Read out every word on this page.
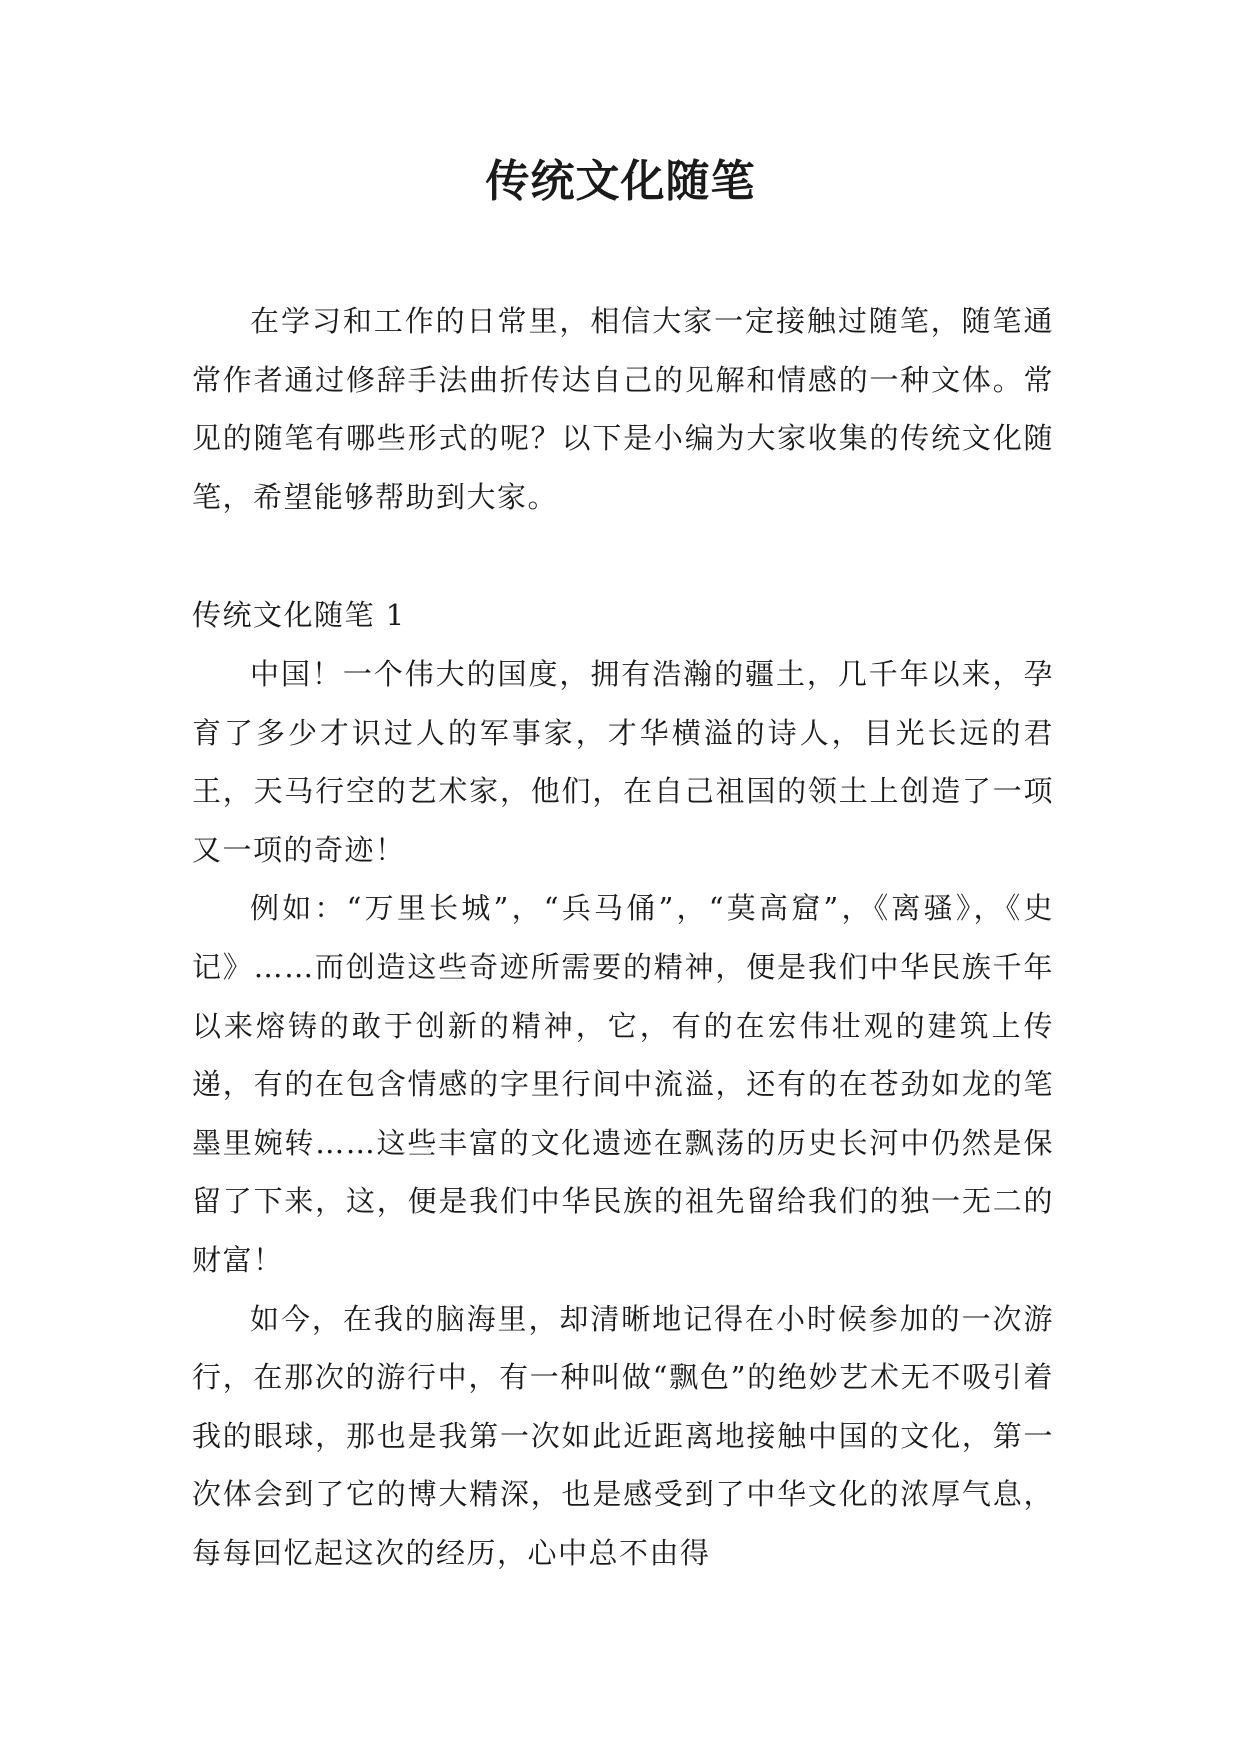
传统文化随笔

在学习和工作的日常里，相信大家一定接触过随笔，随笔通常作者通过修辞手法曲折传达自己的见解和情感的一种文体。常见的随笔有哪些形式的呢？以下是小编为大家收集的传统文化随笔，希望能够帮助到大家。

传统文化随笔 1

中国！一个伟大的国度，拥有浩瀚的疆土，几千年以来，孕育了多少才识过人的军事家，才华横溢的诗人，目光长远的君王，天马行空的艺术家，他们，在自己祖国的领土上创造了一项又一项的奇迹！

例如：“万里长城”，“兵马俑”，“莫高窟”，《离骚》，《史记》……而创造这些奇迹所需要的精神，便是我们中华民族千年以来熔铸的敢于创新的精神，它，有的在宏伟壮观的建筑上传递，有的在包含情感的字里行间中流溢，还有的在苍劲如龙的笔墨里婉转……这些丰富的文化遗迹在飘荡的历史长河中仍然是保留了下来，这，便是我们中华民族的祖先留给我们的独一无二的财富！

如今，在我的脑海里，却清晰地记得在小时候参加的一次游行，在那次的游行中，有一种叫做“飘色”的绝妙艺术无不吸引着我的眼球，那也是我第一次如此近距离地接触中国的文化，第一次体会到了它的博大精深，也是感受到了中华文化的浓厚气息，每每回忆起这次的经历，心中总不由得
